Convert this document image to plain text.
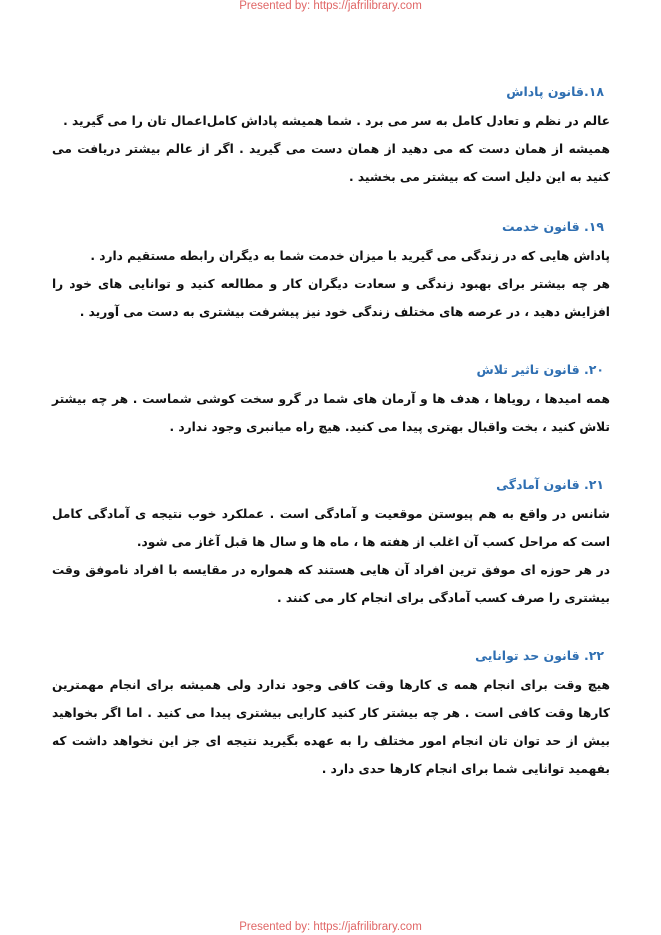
Presented by: https://jafrilibrary.com

۱۸.قانون پاداش

عالم در نظم و تعادل کامل به سر می برد . شما همیشه پاداش کامل‌اعمال تان را می گیرید .

همیشه از همان دست که می دهید از همان دست می گیرید . اگر از عالم بیشتر دریافت می کنید به این دلیل است که بیشتر می بخشید .

۱۹. قانون خدمت

پاداش هایی که در زندگی می گیرید با میزان خدمت شما به دیگران رابطه مستقیم دارد .

هر چه بیشتر برای بهبود زندگی و سعادت دیگران کار و مطالعه کنید و توانایی های خود را افزایش دهید ، در عرصه های مختلف زندگی خود نیز پیشرفت بیشتری به دست می آورید .

۲۰. قانون تاثیر تلاش

همه امیدها ، رویاها ، هدف ها و آرمان های شما در گرو سخت کوشی شماست . هر چه بیشتر تلاش کنید ، بخت واقبال بهتری پیدا می کنید. هیچ راه میانبری وجود ندارد .

۲۱. قانون آمادگی

شانس در واقع به هم پیوستن موقعیت و آمادگی است . عملکرد خوب نتیجه ی آمادگی کامل است که مراحل کسب آن اغلب از هفته ها ، ماه ها و سال ها قبل آغاز می شود.

در هر حوزه ای موفق ترین افراد آن هایی هستند که همواره در مقایسه با افراد ناموفق وقت بیشتری را صرف کسب آمادگی برای انجام کار می کنند .

۲۲. قانون حد توانایی

هیچ وقت برای انجام همه ی کارها وقت کافی وجود ندارد ولی همیشه برای انجام مهمترین کارها وقت کافی است . هر چه بیشتر کار کنید کارایی بیشتری پیدا می کنید . اما اگر بخواهید بیش از حد توان تان انجام امور مختلف را به عهده بگیرید نتیجه ای جز این نخواهد داشت که بفهمید توانایی شما برای انجام کارها حدی دارد .

Presented by: https://jafrilibrary.com
